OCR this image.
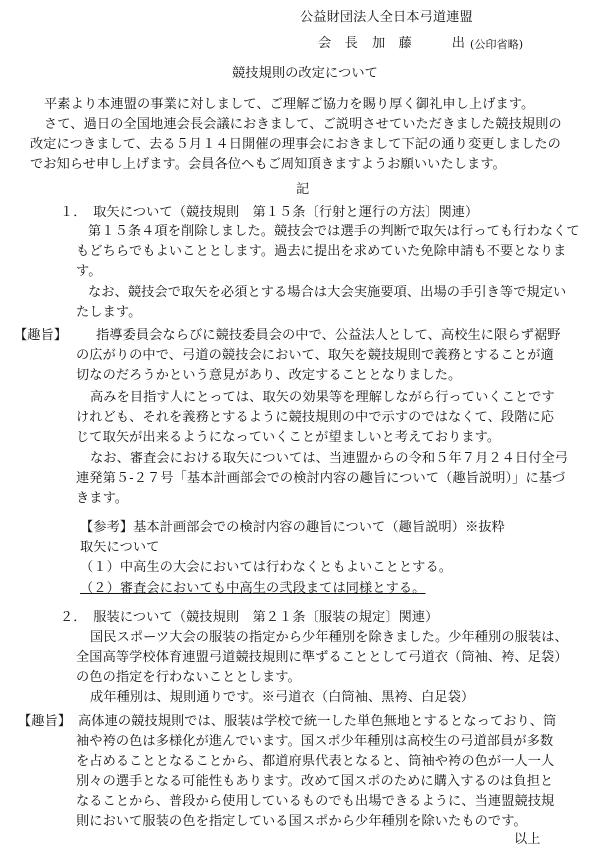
公益財団法人全日本弓道連盟
会　長 加　藤　　　出 (公印省略)
競技規則の改定について
平素より本連盟の事業に対しまして、ご理解ご協力を賜り厚く御礼申し上げます。
さて、過日の全国地連会長会議におきまして、ご説明させていただきました競技規則の
改定につきまして、去る５月１４日開催の理事会におきまして下記の通り変更しましたの
でお知らせ申し上げます。会員各位へもご周知頂きますようお願いいたします。
記
１．　取矢について（競技規則　第１５条〔行射と運行の方法〕関連）
第１５条４項を削除しました。競技会では選手の判断で取矢は行っても行わなくて
もどちらでもよいこととします。過去に提出を求めていた免除申請も不要となりま
す。
なお、競技会で取矢を必須とする場合は大会実施要項、出場の手引き等で規定い
たします。
【趣旨】 指導委員会ならびに競技委員会の中で、公益法人として、高校生に限らず裾野
の広がりの中で、弓道の競技会において、取矢を競技規則で義務とすることが適
切なのだろうかという意見があり、改定することとなりました。
高みを目指す人にとっては、取矢の効果等を理解しながら行っていくことです
けれども、それを義務とするように競技規則の中で示すのではなくて、段階に応
じて取矢が出来るようになっていくことが望ましいと考えております。
なお、審査会における取矢については、当連盟からの令和５年７月２４日付全弓
連発第５-２７号「基本計画部会での検討内容の趣旨について（趣旨説明）」に基づ
きます。
【参考】基本計画部会での検討内容の趣旨について（趣旨説明）※抜粋
取矢について
（１）中高生の大会においては行わなくともよいこととする。
（２）審査会においても中高生の弐段まては同様とする。
２．　服装について（競技規則　第２１条〔服装の規定〕関連）
国民スポーツ大会の服装の指定から少年種別を除きました。少年種別の服装は、
全国高等学校体育連盟弓道競技規則に準ずることとして弓道衣（筒袖、袴、足袋）
の色の指定を行わないこととします。
成年種別は、規則通りです。※弓道衣（白筒袖、黒袴、白足袋）
【趣旨】 高体連の競技規則では、服装は学校で統一した単色無地とするとなっており、筒
袖や袴の色は多様化が進んでいます。国スポ少年種別は高校生の弓道部員が多数
を占めることとなることから、都道府県代表となると、筒袖や袴の色が一人一人
別々の選手となる可能性もあります。改めて国スポのために購入するのは負担と
なることから、普段から使用しているものでも出場できるように、当連盟競技規
則において服装の色を指定している国スポから少年種別を除いたものです。
以上
